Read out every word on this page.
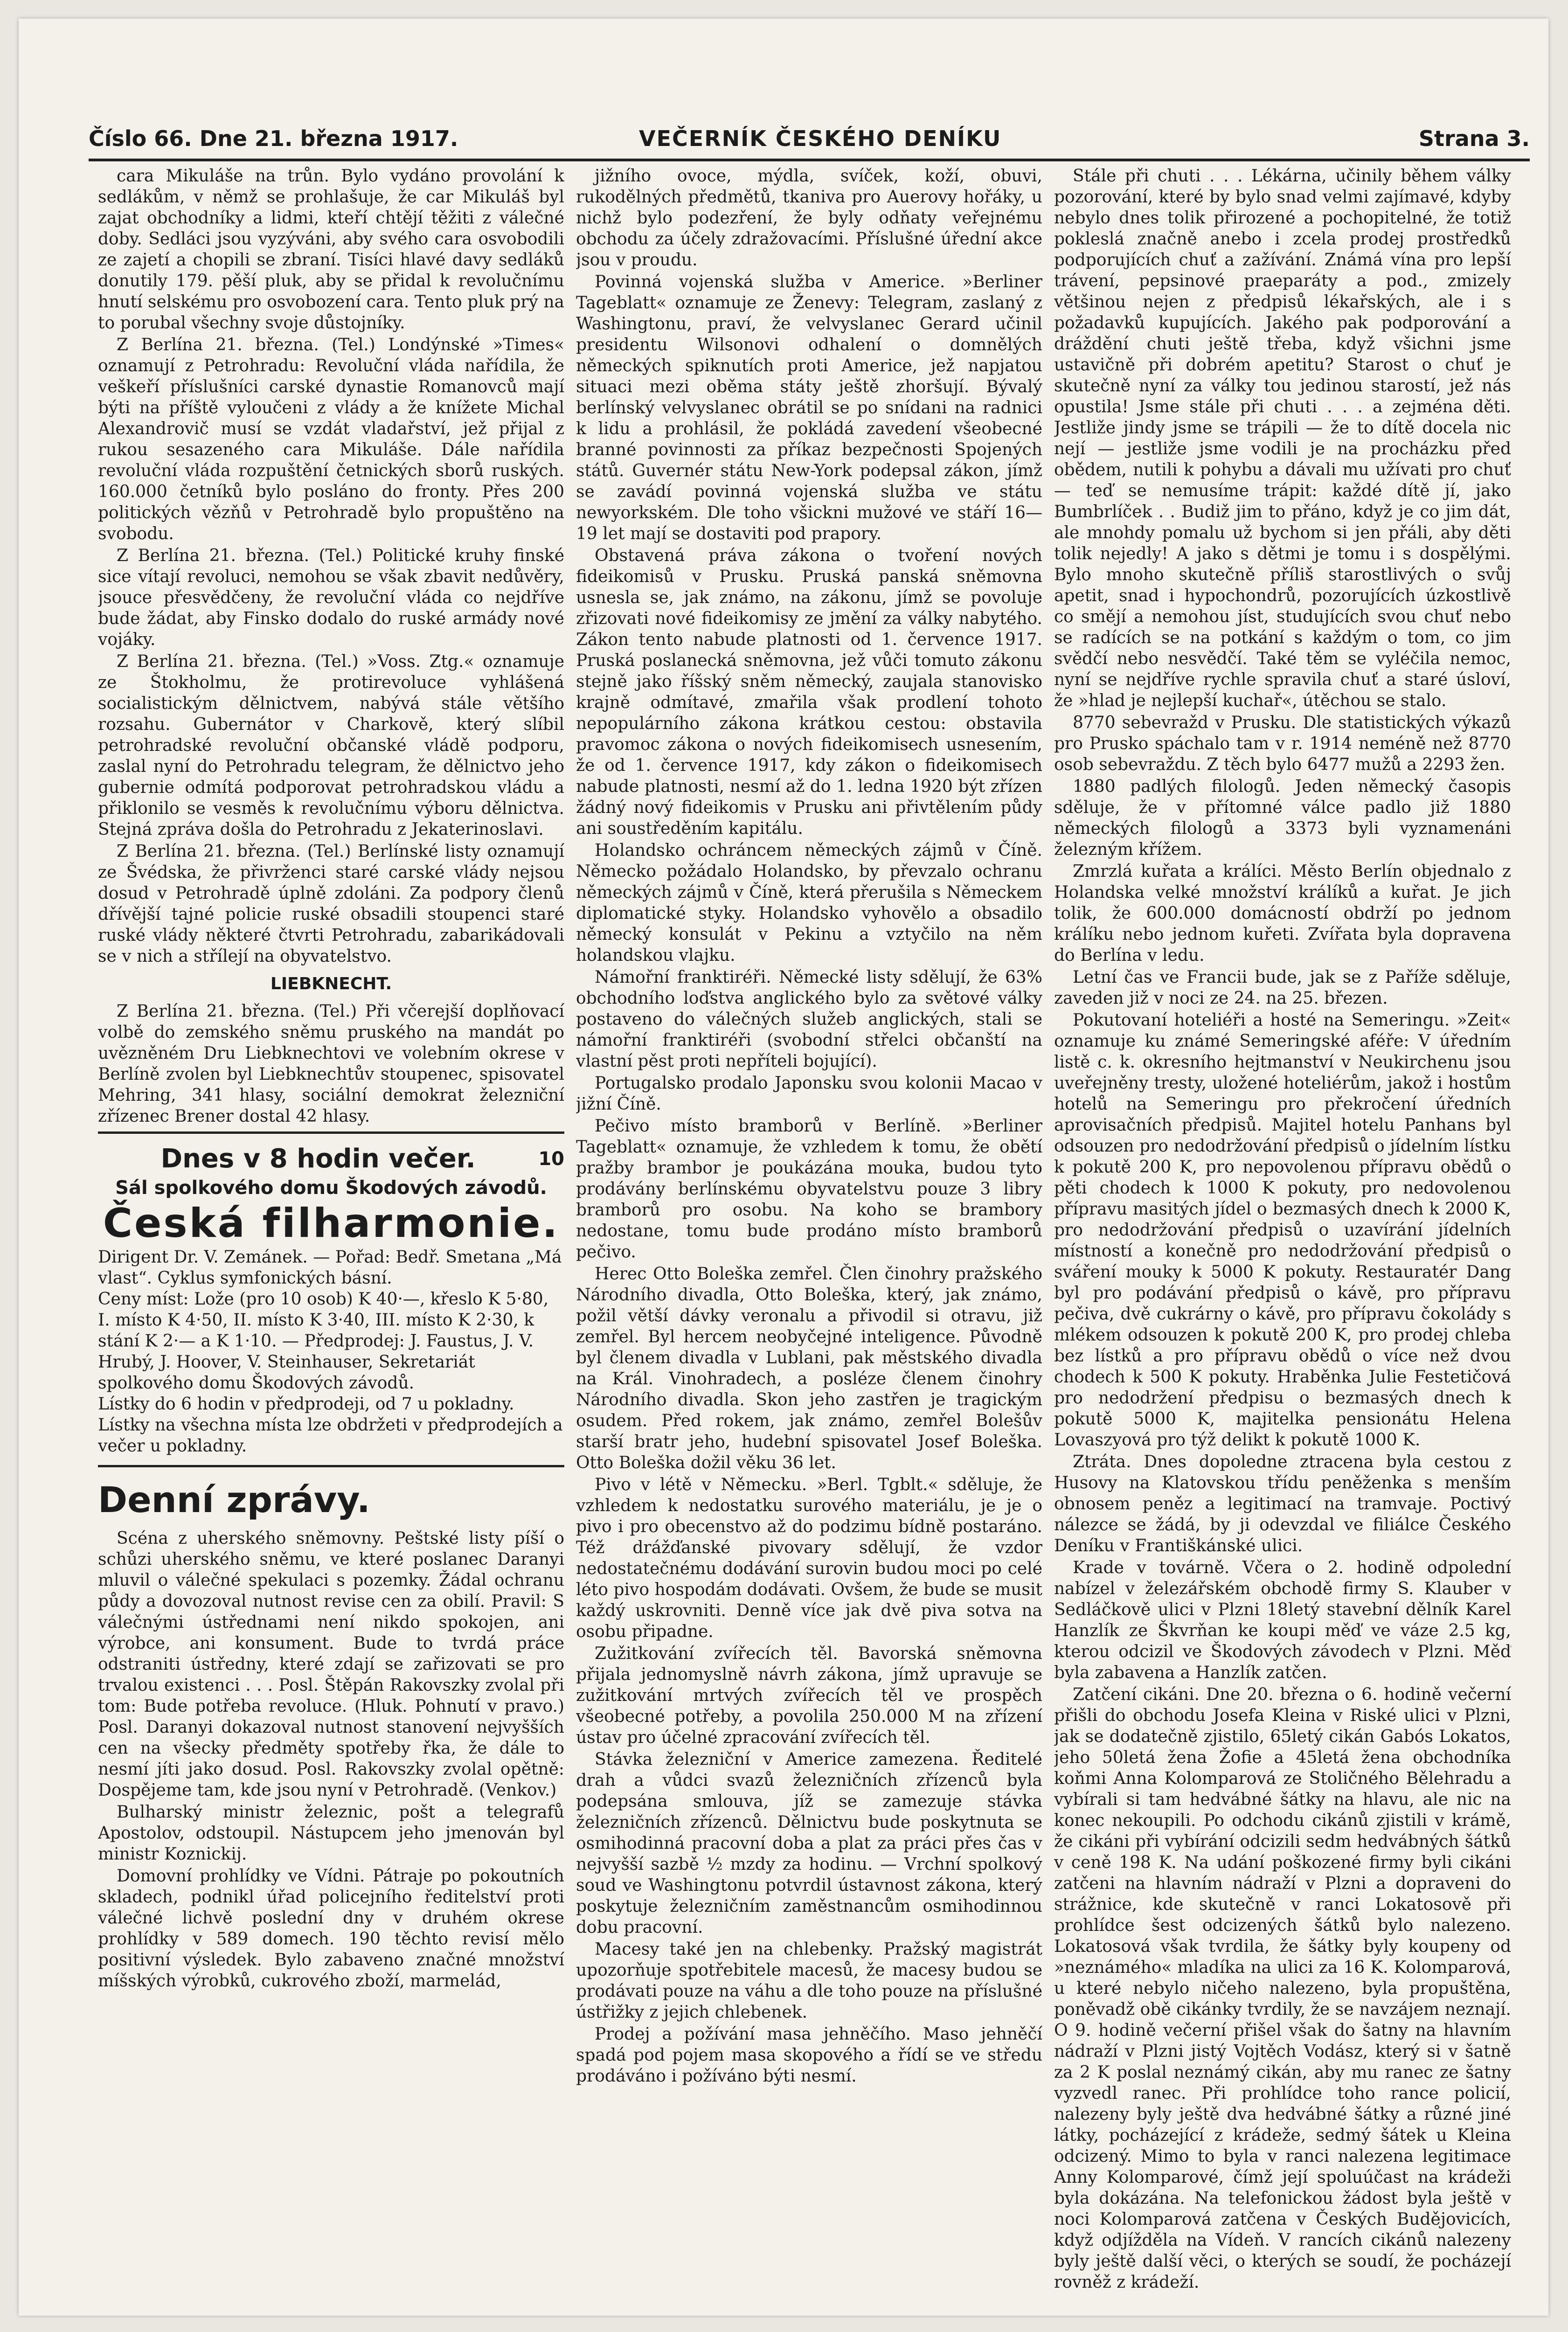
Číslo 66. Dne 21. března 1917.	VEČERNÍK ČESKÉHO DENÍKU	Strana 3.

cara Mikuláše na trůn. Bylo vydáno provolání k sedlákům, v němž se prohlašuje, že car Mikuláš byl zajat obchodníky a lidmi, kteří chtějí těžiti z válečné doby. Sedláci jsou vyzýváni, aby svého cara osvobodili ze zajetí a chopili se zbraní. Tisíci hlavé davy sedláků donutily 179. pěší pluk, aby se přidal k revolučnímu hnutí selskému pro osvobození cara. Tento pluk prý na to porubal všechny svoje důstojníky.

Z Berlína 21. března. (Tel.) Londýnské »Times« oznamují z Petrohradu: Revoluční vláda nařídila, že veškeří příslušníci carské dynastie Romanovců mají býti na příště vyloučeni z vlády a že knížete Michal Alexandrovič musí se vzdát vladařství, jež přijal z rukou sesazeného cara Mikuláše. Dále nařídila revoluční vláda rozpuštění četnických sborů ruských. 160.000 četníků bylo posláno do fronty. Přes 200 politických vězňů v Petrohradě bylo propuštěno na svobodu.

Z Berlína 21. března. (Tel.) Politické kruhy finské sice vítají revoluci, nemohou se však zbavit nedůvěry, jsouce přesvědčeny, že revoluční vláda co nejdříve bude žádat, aby Finsko dodalo do ruské armády nové vojáky.

Z Berlína 21. března. (Tel.) »Voss. Ztg.« oznamuje ze Štokholmu, že protirevoluce vyhlášená socialistickým dělnictvem, nabývá stále většího rozsahu. Gubernátor v Charkově, který slíbil petrohradské revoluční občanské vládě podporu, zaslal nyní do Petrohradu telegram, že dělnictvo jeho gubernie odmítá podporovat petrohradskou vládu a přiklonilo se vesměs k revolučnímu výboru dělnictva. Stejná zpráva došla do Petrohradu z Jekaterinoslavi.

Z Berlína 21. března. (Tel.) Berlínské listy oznamují ze Švédska, že přivrženci staré carské vlády nejsou dosud v Petrohradě úplně zdoláni. Za podpory členů dřívější tajné policie ruské obsadili stoupenci staré ruské vlády některé čtvrti Petrohradu, zabarikádovali se v nich a střílejí na obyvatelstvo.

LIEBKNECHT.

Z Berlína 21. března. (Tel.) Při včerejší doplňovací volbě do zemského sněmu pruského na mandát po uvězněném Dru Liebknechtovi ve volebním okrese v Berlíně zvolen byl Liebknechtův stoupenec, spisovatel Mehring, 341 hlasy, sociální demokrat železniční zřízenec Brener dostal 42 hlasy.

10
Dnes v 8 hodin večer.
Sál spolkového domu Škodových závodů.
Česká filharmonie.
Dirigent Dr. V. Zemánek. — Pořad: Bedř. Smetana „Má vlast“. Cyklus symfonických básní.
Ceny míst: Lože (pro 10 osob) K 40·—, křeslo K 5·80, I. místo K 4·50, II. místo K 3·40, III. místo K 2·30, k stání K 2·— a K 1·10. — Předprodej: J. Faustus, J. V. Hrubý, J. Hoover, V. Steinhauser, Sekretariát spolkového domu Škodových závodů.
Lístky do 6 hodin v předprodeji, od 7 u pokladny. Lístky na všechna místa lze obdržeti v předprodejích a večer u pokladny.
Denní zprávy.

Scéna z uherského sněmovny. Peštské listy píší o schůzi uherského sněmu, ve které poslanec Daranyi mluvil o válečné spekulaci s pozemky. Žádal ochranu půdy a dovozoval nutnost revise cen za obilí. Pravil: S válečnými ústřednami není nikdo spokojen, ani výrobce, ani konsument. Bude to tvrdá práce odstraniti ústředny, které zdají se zařizovati se pro trvalou existenci . . . Posl. Štěpán Rakovszky zvolal při tom: Bude potřeba revoluce. (Hluk. Pohnutí v pravo.) Posl. Daranyi dokazoval nutnost stanovení nejvyšších cen na všecky předměty spotřeby řka, že dále to nesmí jíti jako dosud. Posl. Rakovszky zvolal opětně: Dospějeme tam, kde jsou nyní v Petrohradě. (Venkov.)

Bulharský ministr železnic, pošt a telegrafů Apostolov, odstoupil. Nástupcem jeho jmenován byl ministr Koznickij.

Domovní prohlídky ve Vídni. Pátraje po pokoutních skladech, podnikl úřad policejního ředitelství proti válečné lichvě poslední dny v druhém okrese prohlídky v 589 domech. 190 těchto revisí mělo positivní výsledek. Bylo zabaveno značné množství míšských výrobků, cukrového zboží, marmelád,

jižního ovoce, mýdla, svíček, koží, obuvi, rukodělných předmětů, tkaniva pro Auerovy hořáky, u nichž bylo podezření, že byly odňaty veřejnému obchodu za účely zdražovacími. Příslušné úřední akce jsou v proudu.

Povinná vojenská služba v Americe. »Berliner Tageblatt« oznamuje ze Ženevy: Telegram, zaslaný z Washingtonu, praví, že velvyslanec Gerard učinil presidentu Wilsonovi odhalení o domnělých německých spiknutích proti Americe, jež napjatou situaci mezi oběma státy ještě zhoršují. Bývalý berlínský velvyslanec obrátil se po snídani na radnici k lidu a prohlásil, že pokládá zavedení všeobecné branné povinnosti za příkaz bezpečnosti Spojených států. Guvernér státu New-York podepsal zákon, jímž se zavádí povinná vojenská služba ve státu newyorkském. Dle toho všickni mužové ve stáří 16—19 let mají se dostaviti pod prapory.

Obstavená práva zákona o tvoření nových fideikomisů v Prusku. Pruská panská sněmovna usnesla se, jak známo, na zákonu, jímž se povoluje zřizovati nové fideikomisy ze jmění za války nabytého. Zákon tento nabude platnosti od 1. července 1917. Pruská poslanecká sněmovna, jež vůči tomuto zákonu stejně jako říšský sněm německý, zaujala stanovisko krajně odmítavé, zmařila však prodlení tohoto nepopulárního zákona krátkou cestou: obstavila pravomoc zákona o nových fideikomisech usnesením, že od 1. července 1917, kdy zákon o fideikomisech nabude platnosti, nesmí až do 1. ledna 1920 být zřízen žádný nový fideikomis v Prusku ani přivtělením půdy ani soustředěním kapitálu.

Holandsko ochráncem německých zájmů v Číně. Německo požádalo Holandsko, by převzalo ochranu německých zájmů v Číně, která přerušila s Německem diplomatické styky. Holandsko vyhovělo a obsadilo německý konsulát v Pekinu a vztyčilo na něm holandskou vlajku.

Námořní franktiréři. Německé listy sdělují, že 63% obchodního loďstva anglického bylo za světové války postaveno do válečných služeb anglických, stali se námořní franktiréři (svobodní střelci občanští na vlastní pěst proti nepříteli bojující).

Portugalsko prodalo Japonsku svou kolonii Macao v jižní Číně.

Pečivo místo bramborů v Berlíně. »Berliner Tageblatt« oznamuje, že vzhledem k tomu, že obětí pražby brambor je poukázána mouka, budou tyto prodávány berlínskému obyvatelstvu pouze 3 libry bramborů pro osobu. Na koho se brambory nedostane, tomu bude prodáno místo bramborů pečivo.

Herec Otto Boleška zemřel. Člen činohry pražského Národního divadla, Otto Boleška, který, jak známo, požil větší dávky veronalu a přivodil si otravu, již zemřel. Byl hercem neobyčejné inteligence. Původně byl členem divadla v Lublani, pak městského divadla na Král. Vinohradech, a posléze členem činohry Národního divadla. Skon jeho zastřen je tragickým osudem. Před rokem, jak známo, zemřel Bolešův starší bratr jeho, hudební spisovatel Josef Boleška. Otto Boleška dožil věku 36 let.

Pivo v létě v Německu. »Berl. Tgblt.« sděluje, že vzhledem k nedostatku surového materiálu, je je o pivo i pro obecenstvo až do podzimu bídně postaráno. Též drážďanské pivovary sdělují, že vzdor nedostatečnému dodávání surovin budou moci po celé léto pivo hospodám dodávati. Ovšem, že bude se musit každý uskrovniti. Denně více jak dvě piva sotva na osobu připadne.

Zužitkování zvířecích těl. Bavorská sněmovna přijala jednomyslně návrh zákona, jímž upravuje se zužitkování mrtvých zvířecích těl ve prospěch všeobecné potřeby, a povolila 250.000 M na zřízení ústav pro účelné zpracování zvířecích těl.

Stávka železniční v Americe zamezena. Ředitelé drah a vůdci svazů železničních zřízenců byla podepsána smlouva, jíž se zamezuje stávka železničních zřízenců. Dělnictvu bude poskytnuta se osmihodinná pracovní doba a plat za práci přes čas v nejvyšší sazbě ½ mzdy za hodinu. — Vrchní spolkový soud ve Washingtonu potvrdil ústavnost zákona, který poskytuje železničním zaměstnancům osmihodinnou dobu pracovní.

Macesy také jen na chlebenky. Pražský magistrát upozorňuje spotřebitele macesů, že macesy budou se prodávati pouze na váhu a dle toho pouze na příslušné ústřižky z jejich chlebenek.

Prodej a požívání masa jehněčího. Maso jehněčí spadá pod pojem masa skopového a řídí se ve středu prodáváno i požíváno býti nesmí.

Stále při chuti . . . Lékárna, učinily během války pozorování, které by bylo snad velmi zajímavé, kdyby nebylo dnes tolik přirozené a pochopitelné, že totiž pokleslá značně anebo i zcela prodej prostředků podporujících chuť a zažívání. Známá vína pro lepší trávení, pepsinové praeparáty a pod., zmizely většinou nejen z předpisů lékařských, ale i s požadavků kupujících. Jakého pak podporování a dráždění chuti ještě třeba, když všichni jsme ustavičně při dobrém apetitu? Starost o chuť je skutečně nyní za války tou jedinou starostí, jež nás opustila! Jsme stále při chuti . . . a zejména děti. Jestliže jindy jsme se trápili — že to dítě docela nic nejí — jestliže jsme vodili je na procházku před obědem, nutili k pohybu a dávali mu užívati pro chuť — teď se nemusíme trápit: každé dítě jí, jako Bumbrlíček . . Budiž jim to přáno, když je co jim dát, ale mnohdy pomalu už bychom si jen přáli, aby děti tolik nejedly! A jako s dětmi je tomu i s dospělými. Bylo mnoho skutečně příliš starostlivých o svůj apetit, snad i hypochondrů, pozorujících úzkostlivě co smějí a nemohou jíst, studujících svou chuť nebo se radících se na potkání s každým o tom, co jim svědčí nebo nesvědčí. Také těm se vyléčila nemoc, nyní se nejdříve rychle spravila chuť a staré úsloví, že »hlad je nejlepší kuchař«, útěchou se stalo.

8770 sebevražd v Prusku. Dle statistických výkazů pro Prusko spáchalo tam v r. 1914 neméně než 8770 osob sebevraždu. Z těch bylo 6477 mužů a 2293 žen.

1880 padlých filologů. Jeden německý časopis sděluje, že v přítomné válce padlo již 1880 německých filologů a 3373 byli vyznamenáni železným křížem.

Zmrzlá kuřata a králíci. Město Berlín objednalo z Holandska velké množství králíků a kuřat. Je jich tolik, že 600.000 domácností obdrží po jednom králíku nebo jednom kuřeti. Zvířata byla dopravena do Berlína v ledu.

Letní čas ve Francii bude, jak se z Paříže sděluje, zaveden již v noci ze 24. na 25. březen.

Pokutovaní hoteliéři a hosté na Semeringu. »Zeit« oznamuje ku známé Semeringské aféře: V úředním listě c. k. okresního hejtmanství v Neukirchenu jsou uveřejněny tresty, uložené hoteliérům, jakož i hostům hotelů na Semeringu pro překročení úředních aprovisačních předpisů. Majitel hotelu Panhans byl odsouzen pro nedodržování předpisů o jídelním lístku k pokutě 200 K, pro nepovolenou přípravu obědů o pěti chodech k 1000 K pokuty, pro nedovolenou přípravu masitých jídel o bezmasých dnech k 2000 K, pro nedodržování předpisů o uzavírání jídelních místností a konečně pro nedodržování předpisů o sváření mouky k 5000 K pokuty. Restauratér Dang byl pro podávání předpisů o kávě, pro přípravu pečiva, dvě cukrárny o kávě, pro přípravu čokolády s mlékem odsouzen k pokutě 200 K, pro prodej chleba bez lístků a pro přípravu obědů o více než dvou chodech k 500 K pokuty. Hraběnka Julie Festetičová pro nedodržení předpisu o bezmasých dnech k pokutě 5000 K, majitelka pensionátu Helena Lovaszyová pro týž delikt k pokutě 1000 K.

Ztráta. Dnes dopoledne ztracena byla cestou z Husovy na Klatovskou třídu peněženka s menším obnosem peněz a legitimací na tramvaje. Poctivý nálezce se žádá, by ji odevzdal ve filiálce Českého Deníku v Františkánské ulici.

Krade v továrně. Včera o 2. hodině odpolední nabízel v železářském obchodě firmy S. Klauber v Sedláčkově ulici v Plzni 18letý stavební dělník Karel Hanzlík ze Škvrňan ke koupi měď ve váze 2.5 kg, kterou odcizil ve Škodových závodech v Plzni. Měď byla zabavena a Hanzlík zatčen.

Zatčení cikáni. Dne 20. března o 6. hodině večerní přišli do obchodu Josefa Kleina v Riské ulici v Plzni, jak se dodatečně zjistilo, 65letý cikán Gabós Lokatos, jeho 50letá žena Žofie a 45letá žena obchodníka koňmi Anna Kolomparová ze Stoličného Bělehradu a vybírali si tam hedvábné šátky na hlavu, ale nic na konec nekoupili. Po odchodu cikánů zjistili v krámě, že cikáni při vybírání odcizili sedm hedvábných šátků v ceně 198 K. Na udání poškozené firmy byli cikáni zatčeni na hlavním nádraží v Plzni a dopraveni do strážnice, kde skutečně v ranci Lokatosově při prohlídce šest odcizených šátků bylo nalezeno. Lokatosová však tvrdila, že šátky byly koupeny od »neznámého« mladíka na ulici za 16 K. Kolomparová, u které nebylo ničeho nalezeno, byla propuštěna, poněvadž obě cikánky tvrdily, že se navzájem neznají. O 9. hodině večerní přišel však do šatny na hlavním nádraží v Plzni jistý Vojtěch Vodász, který si v šatně za 2 K poslal neznámý cikán, aby mu ranec ze šatny vyzvedl ranec. Při prohlídce toho rance policií, nalezeny byly ještě dva hedvábné šátky a různé jiné látky, pocházející z krádeže, sedmý šátek u Kleina odcizený. Mimo to byla v ranci nalezena legitimace Anny Kolomparové, čímž její spoluúčast na krádeži byla dokázána. Na telefonickou žádost byla ještě v noci Kolomparová zatčena v Českých Budějovicích, když odjížděla na Vídeň. V rancích cikánů nalezeny byly ještě další věci, o kterých se soudí, že pocházejí rovněž z krádeží.
